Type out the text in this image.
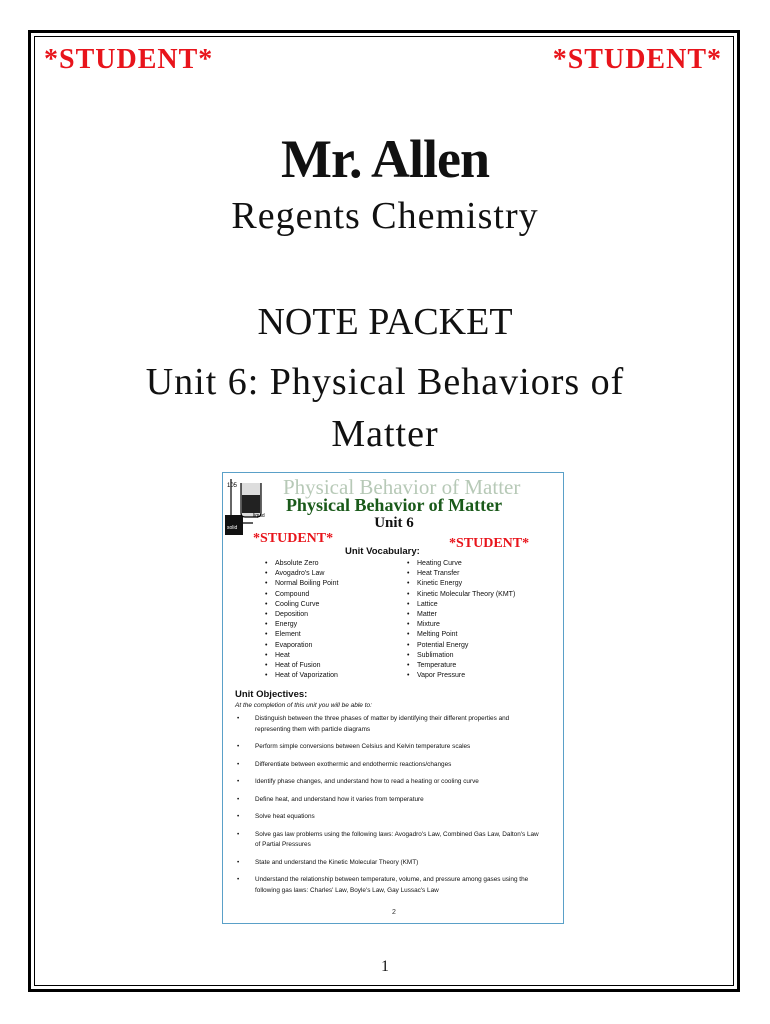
*STUDENT*	*STUDENT*
Mr. Allen
Regents Chemistry
NOTE PACKET
Unit 6: Physical Behaviors of Matter
105
liquid
solid
Physical Behavior of Matter
Physical Behavior of Matter
Unit 6
*STUDENT*	*STUDENT*
Unit Vocabulary:
• Absolute Zero
• Avogadro's Law
• Normal Boiling Point
• Compound
• Cooling Curve
• Deposition
• Energy
• Element
• Evaporation
• Heat
• Heat of Fusion
• Heat of Vaporization
• Heating Curve
• Heat Transfer
• Kinetic Energy
• Kinetic Molecular Theory (KMT)
• Lattice
• Matter
• Mixture
• Melting Point
• Potential Energy
• Sublimation
• Temperature
• Vapor Pressure
Unit Objectives:
At the completion of this unit you will be able to:
• Distinguish between the three phases of matter by identifying their different properties and representing them with particle diagrams
• Perform simple conversions between Celsius and Kelvin temperature scales
• Differentiate between exothermic and endothermic reactions/changes
• Identify phase changes, and understand how to read a heating or cooling curve
• Define heat, and understand how it varies from temperature
• Solve heat equations
• Solve gas law problems using the following laws: Avogadro's Law, Combined Gas Law, Dalton's Law of Partial Pressures
• State and understand the Kinetic Molecular Theory (KMT)
• Understand the relationship between temperature, volume, and pressure among gases using the following gas laws: Charles' Law, Boyle's Law, Gay Lussac's Law
2
1
